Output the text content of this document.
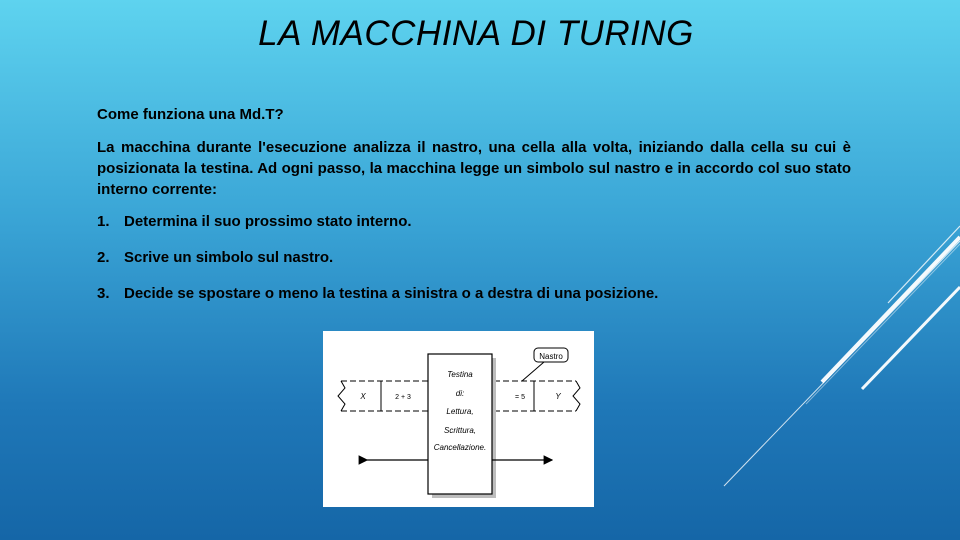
LA MACCHINA DI TURING

Come funziona una Md.T?

La macchina durante l'esecuzione analizza il nastro, una cella alla volta, iniziando dalla cella su cui è posizionata la testina. Ad ogni passo, la macchina legge un simbolo sul nastro e in accordo col suo stato interno corrente:

1. Determina il suo prossimo stato interno.
2. Scrive un simbolo sul nastro.
3. Decide se spostare o meno la testina a sinistra o a destra di una posizione.
Nastro
X	2 + 3	= 5	Y
Testina
di:
Lettura,
Scrittura,
Cancellazione.
